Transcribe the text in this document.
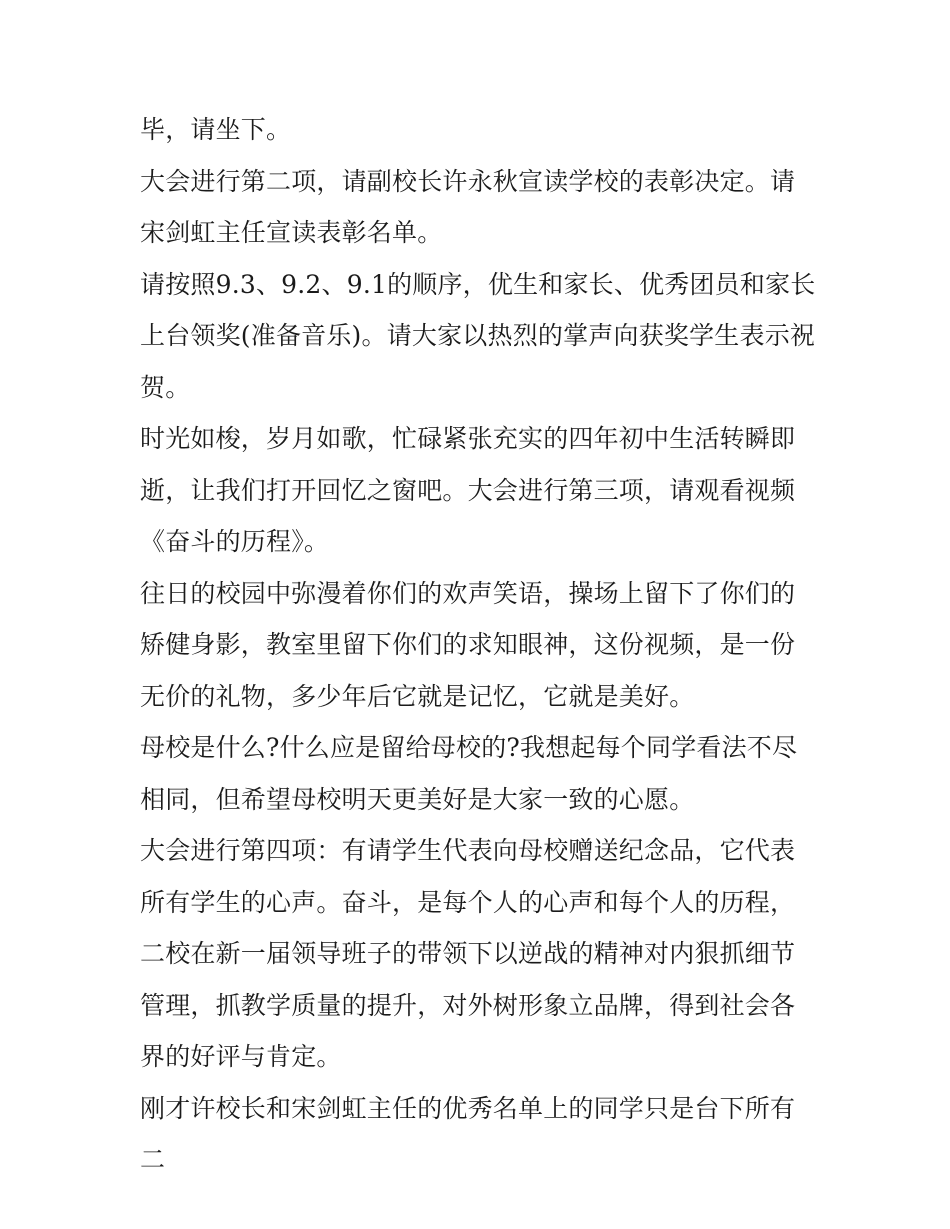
毕，请坐下。

大会进行第二项，请副校长许永秋宣读学校的表彰决定。请宋剑虹主任宣读表彰名单。

请按照9.3、9.2、9.1的顺序，优生和家长、优秀团员和家长上台领奖(准备音乐)。请大家以热烈的掌声向获奖学生表示祝贺。

时光如梭，岁月如歌，忙碌紧张充实的四年初中生活转瞬即逝，让我们打开回忆之窗吧。大会进行第三项，请观看视频《奋斗的历程》。

往日的校园中弥漫着你们的欢声笑语，操场上留下了你们的矫健身影，教室里留下你们的求知眼神，这份视频，是一份无价的礼物，多少年后它就是记忆，它就是美好。

母校是什么?什么应是留给母校的?我想起每个同学看法不尽相同，但希望母校明天更美好是大家一致的心愿。

大会进行第四项：有请学生代表向母校赠送纪念品，它代表所有学生的心声。奋斗，是每个人的心声和每个人的历程，二校在新一届领导班子的带领下以逆战的精神对内狠抓细节管理，抓教学质量的提升，对外树形象立品牌，得到社会各界的好评与肯定。

刚才许校长和宋剑虹主任的优秀名单上的同学只是台下所有二
